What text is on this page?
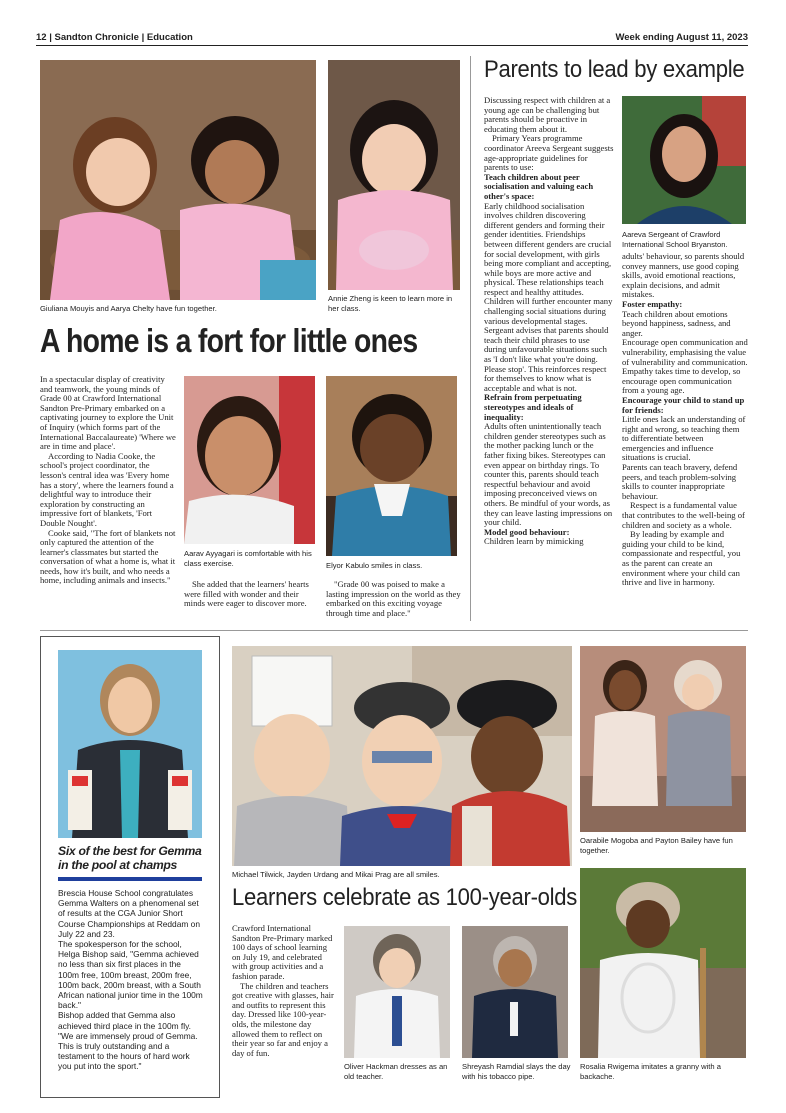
12 | Sandton Chronicle | Education	Week ending August 11, 2023
Giuliana Mouyis and Aarya Chelty have fun together.
Annie Zheng is keen to learn more in her class.
A home is a fort for little ones

In a spectacular display of creativity and teamwork, the young minds of Grade 00 at Crawford International Sandton Pre-Primary embarked on a captivating journey to explore the Unit of Inquiry (which forms part of the International Baccalaureate) 'Where we are in time and place'.

According to Nadia Cooke, the school's project coordinator, the lesson's central idea was 'Every home has a story', where the learners found a delightful way to introduce their exploration by constructing an impressive fort of blankets, 'Fort Double Nought'.

Cooke said, "The fort of blankets not only captured the attention of the learner's classmates but started the conversation of what a home is, what it needs, how it's built, and who needs a home, including animals and insects."

Aarav Ayyagari is comfortable with his class exercise.	Elyor Kabulo smiles in class.

She added that the learners' hearts were filled with wonder and their minds were eager to discover more.

"Grade 00 was poised to make a lasting impression on the world as they embarked on this exciting voyage through time and place."

Parents to lead by example

Discussing respect with children at a young age can be challenging but parents should be proactive in educating them about it.

Primary Years programme coordinator Areeva Sergeant suggests age-appropriate guidelines for parents to use:

Teach children about peer socialisation and valuing each other's space:

Early childhood socialisation involves children discovering different genders and forming their gender identities. Friendships between different genders are crucial for social development, with girls being more compliant and accepting, while boys are more active and physical. These relationships teach respect and healthy attitudes.

Children will further encounter many challenging social situations during various developmental stages. Sergeant advises that parents should teach their child phrases to use during unfavourable situations such as 'I don't like what you're doing. Please stop'. This reinforces respect for themselves to know what is acceptable and what is not.

Refrain from perpetuating stereotypes and ideals of inequality:

Adults often unintentionally teach children gender stereotypes such as the mother packing lunch or the father fixing bikes. Stereotypes can even appear on birthday rings. To counter this, parents should teach respectful behaviour and avoid imposing preconceived views on others. Be mindful of your words, as they can leave lasting impressions on your child.

Model good behaviour:

Children learn by mimicking

Aareva Sergeant of Crawford International School Bryanston.

adults' behaviour, so parents should convey manners, use good coping skills, avoid emotional reactions, explain decisions, and admit mistakes.

Foster empathy:

Teach children about emotions beyond happiness, sadness, and anger.

Encourage open communication and vulnerability, emphasising the value of vulnerability and communication. Empathy takes time to develop, so encourage open communication from a young age.

Encourage your child to stand up for friends:

Little ones lack an understanding of right and wrong, so teaching them to differentiate between emergencies and influence situations is crucial.

Parents can teach bravery, defend peers, and teach problem-solving skills to counter inappropriate behaviour.

Respect is a fundamental value that contributes to the well-being of children and society as a whole.

By leading by example and guiding your child to be kind, compassionate and respectful, you as the parent can create an environment where your child can thrive and live in harmony.

Six of the best for Gemma
in the pool at champs

Brescia House School congratulates Gemma Walters on a phenomenal set of results at the CGA Junior Short Course Championships at Reddam on July 22 and 23.

The spokesperson for the school, Helga Bishop said, "Gemma achieved no less than six first places in the 100m free, 100m breast, 200m free, 100m back, 200m breast, with a South African national junior time in the 100m back."

Bishop added that Gemma also achieved third place in the 100m fly. "We are immensely proud of Gemma. This is truly outstanding and a testament to the hours of hard work you put into the sport."

Michael Tilwick, Jayden Urdang and Mikai Prag are all smiles.
Oarabile Mogoba and Payton Bailey have fun together.
Learners celebrate as 100-year-olds

Crawford International Sandton Pre-Primary marked 100 days of school learning on July 19, and celebrated with group activities and a fashion parade.

The children and teachers got creative with glasses, hair and outfits to represent this day. Dressed like 100-year-olds, the milestone day allowed them to reflect on their year so far and enjoy a day of fun.

Oliver Hackman dresses as an old teacher.
Shreyash Ramdial slays the day with his tobacco pipe.
Rosalia Rwigema imitates a granny with a backache.
